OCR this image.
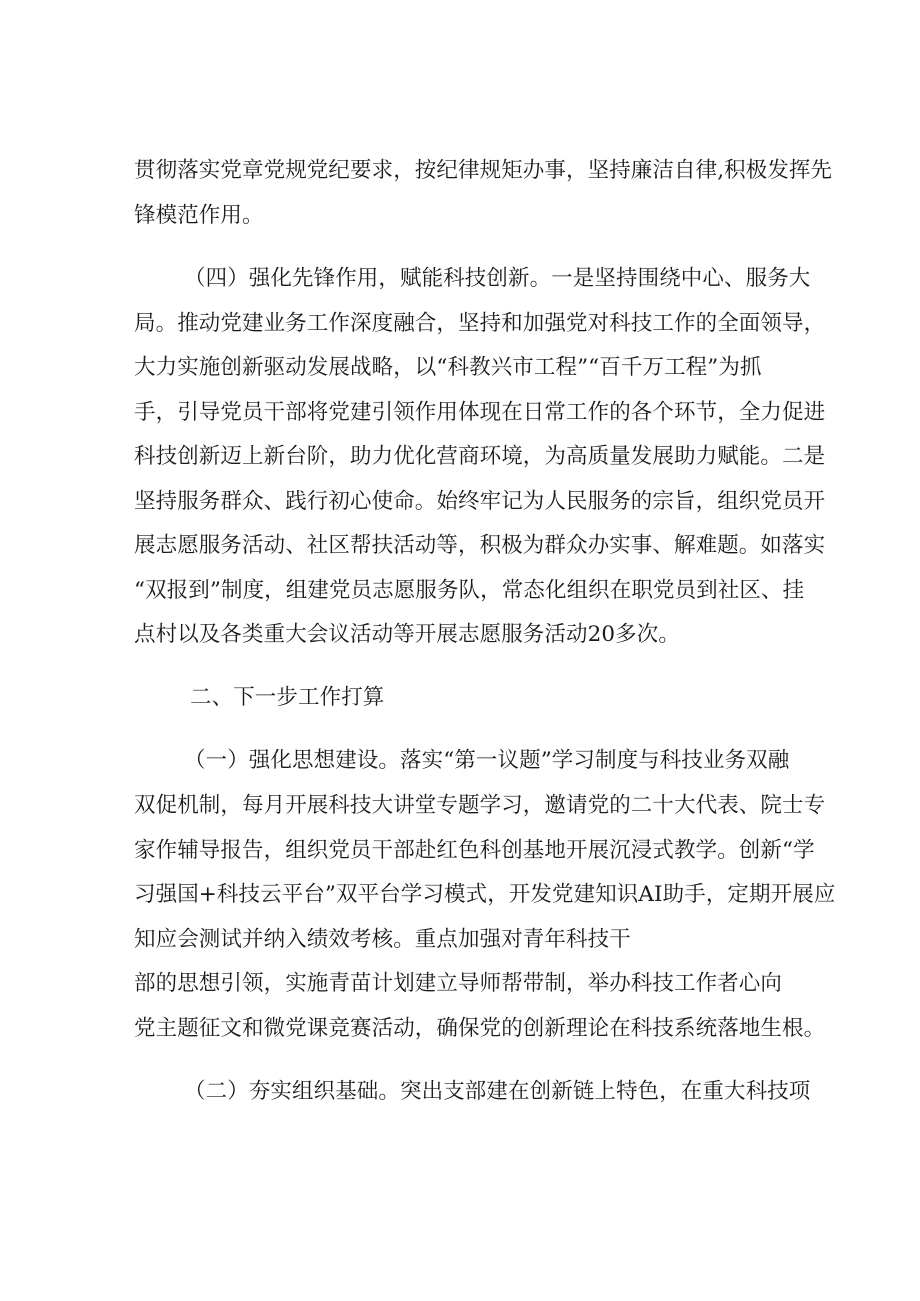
贯彻落实党章党规党纪要求，按纪律规矩办事，坚持廉洁自律,积极发挥先
锋模范作用。
（四）强化先锋作用，赋能科技创新。一是坚持围绕中心、服务大
局。推动党建业务工作深度融合，坚持和加强党对科技工作的全面领导，
大力实施创新驱动发展战略，以“科教兴市工程”“百千万工程”为抓
手，引导党员干部将党建引领作用体现在日常工作的各个环节，全力促进
科技创新迈上新台阶，助力优化营商环境，为高质量发展助力赋能。二是
坚持服务群众、践行初心使命。始终牢记为人民服务的宗旨，组织党员开
展志愿服务活动、社区帮扶活动等，积极为群众办实事、解难题。如落实
“双报到”制度，组建党员志愿服务队，常态化组织在职党员到社区、挂
点村以及各类重大会议活动等开展志愿服务活动20多次。
二、下一步工作打算
（一）强化思想建设。落实“第一议题”学习制度与科技业务双融
双促机制，每月开展科技大讲堂专题学习，邀请党的二十大代表、院士专
家作辅导报告，组织党员干部赴红色科创基地开展沉浸式教学。创新“学
习强国+科技云平台”双平台学习模式，开发党建知识AI助手，定期开展应
知应会测试并纳入绩效考核。重点加强对青年科技干
部的思想引领，实施青苗计划建立导师帮带制，举办科技工作者心向
党主题征文和微党课竞赛活动，确保党的创新理论在科技系统落地生根。
（二）夯实组织基础。突出支部建在创新链上特色，在重大科技项
